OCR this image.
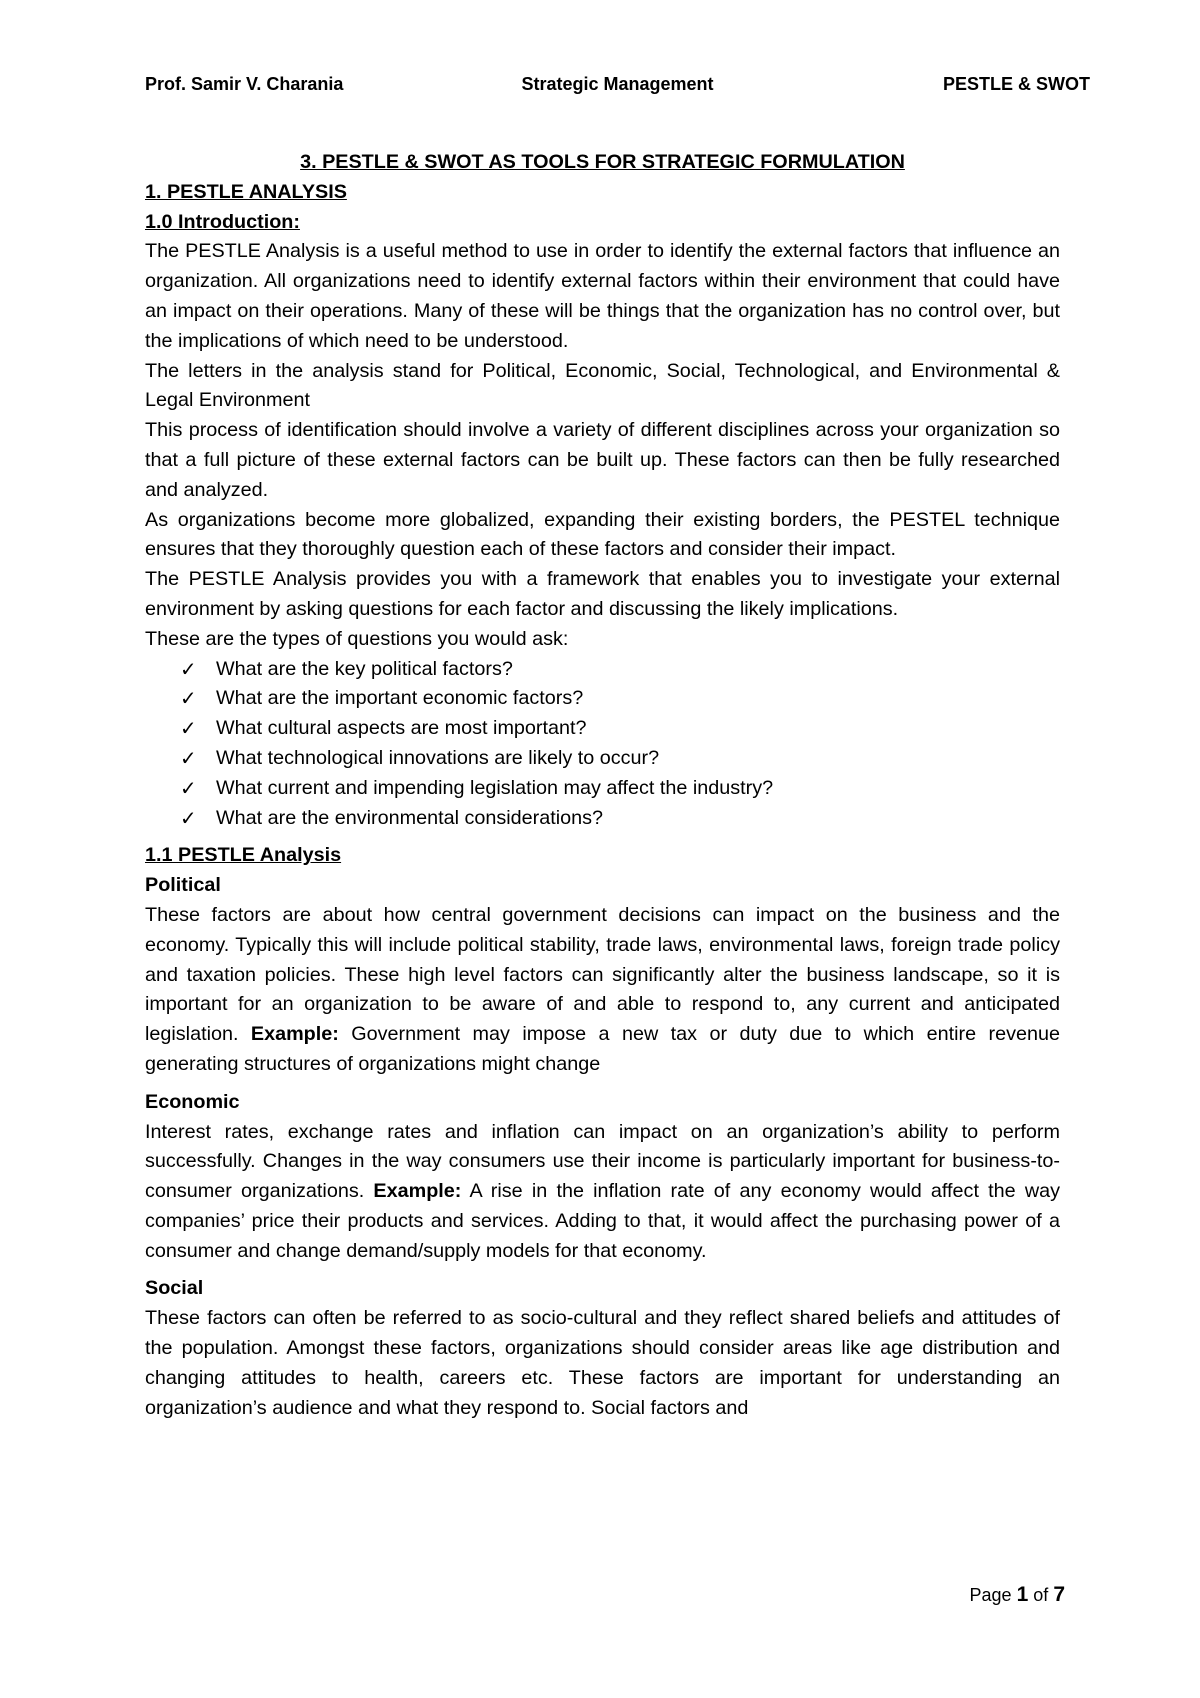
Prof. Samir V. Charania	Strategic Management	PESTLE & SWOT

3. PESTLE & SWOT AS TOOLS FOR STRATEGIC FORMULATION

1. PESTLE ANALYSIS

1.0 Introduction:

The PESTLE Analysis is a useful method to use in order to identify the external factors that influence an organization. All organizations need to identify external factors within their environment that could have an impact on their operations. Many of these will be things that the organization has no control over, but the implications of which need to be understood.

The letters in the analysis stand for Political, Economic, Social, Technological, and Environmental & Legal Environment

This process of identification should involve a variety of different disciplines across your organization so that a full picture of these external factors can be built up. These factors can then be fully researched and analyzed.

As organizations become more globalized, expanding their existing borders, the PESTEL technique ensures that they thoroughly question each of these factors and consider their impact.

The PESTLE Analysis provides you with a framework that enables you to investigate your external environment by asking questions for each factor and discussing the likely implications.

These are the types of questions you would ask:

✓ What are the key political factors?
✓ What are the important economic factors?
✓ What cultural aspects are most important?
✓ What technological innovations are likely to occur?
✓ What current and impending legislation may affect the industry?
✓ What are the environmental considerations?

1.1 PESTLE Analysis

Political

These factors are about how central government decisions can impact on the business and the economy. Typically this will include political stability, trade laws, environmental laws, foreign trade policy and taxation policies. These high level factors can significantly alter the business landscape, so it is important for an organization to be aware of and able to respond to, any current and anticipated legislation. Example: Government may impose a new tax or duty due to which entire revenue generating structures of organizations might change

Economic

Interest rates, exchange rates and inflation can impact on an organization’s ability to perform successfully. Changes in the way consumers use their income is particularly important for business-to-consumer organizations. Example: A rise in the inflation rate of any economy would affect the way companies’ price their products and services. Adding to that, it would affect the purchasing power of a consumer and change demand/supply models for that economy.

Social

These factors can often be referred to as socio-cultural and they reflect shared beliefs and attitudes of the population. Amongst these factors, organizations should consider areas like age distribution and changing attitudes to health, careers etc. These factors are important for understanding an organization’s audience and what they respond to. Social factors and

Page 1 of 7
